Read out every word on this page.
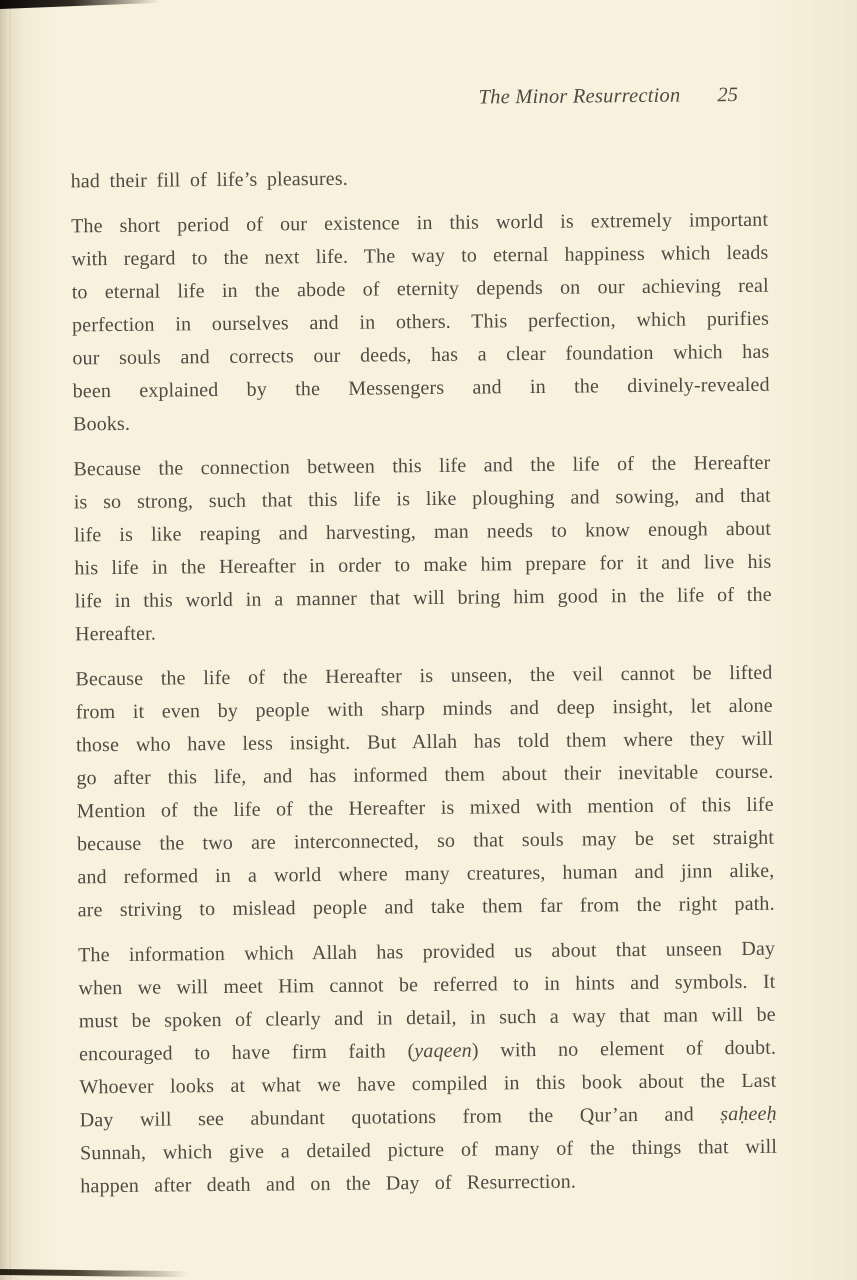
The Minor Resurrection 25
had their fill of life’s pleasures.
The short period of our existence in this world is extremely important
with regard to the next life. The way to eternal happiness which leads
to eternal life in the abode of eternity depends on our achieving real
perfection in ourselves and in others. This perfection, which purifies
our souls and corrects our deeds, has a clear foundation which has
been explained by the Messengers and in the divinely-revealed
Books.
Because the connection between this life and the life of the Hereafter
is so strong, such that this life is like ploughing and sowing, and that
life is like reaping and harvesting, man needs to know enough about
his life in the Hereafter in order to make him prepare for it and live his
life in this world in a manner that will bring him good in the life of the
Hereafter.
Because the life of the Hereafter is unseen, the veil cannot be lifted
from it even by people with sharp minds and deep insight, let alone
those who have less insight. But Allah has told them where they will
go after this life, and has informed them about their inevitable course.
Mention of the life of the Hereafter is mixed with mention of this life
because the two are interconnected, so that souls may be set straight
and reformed in a world where many creatures, human and jinn alike,
are striving to mislead people and take them far from the right path.
The information which Allah has provided us about that unseen Day
when we will meet Him cannot be referred to in hints and symbols. It
must be spoken of clearly and in detail, in such a way that man will be
encouraged to have firm faith (yaqeen) with no element of doubt.
Whoever looks at what we have compiled in this book about the Last
Day will see abundant quotations from the Qur’an and ṣaḥeeḥ
Sunnah, which give a detailed picture of many of the things that will
happen after death and on the Day of Resurrection.
